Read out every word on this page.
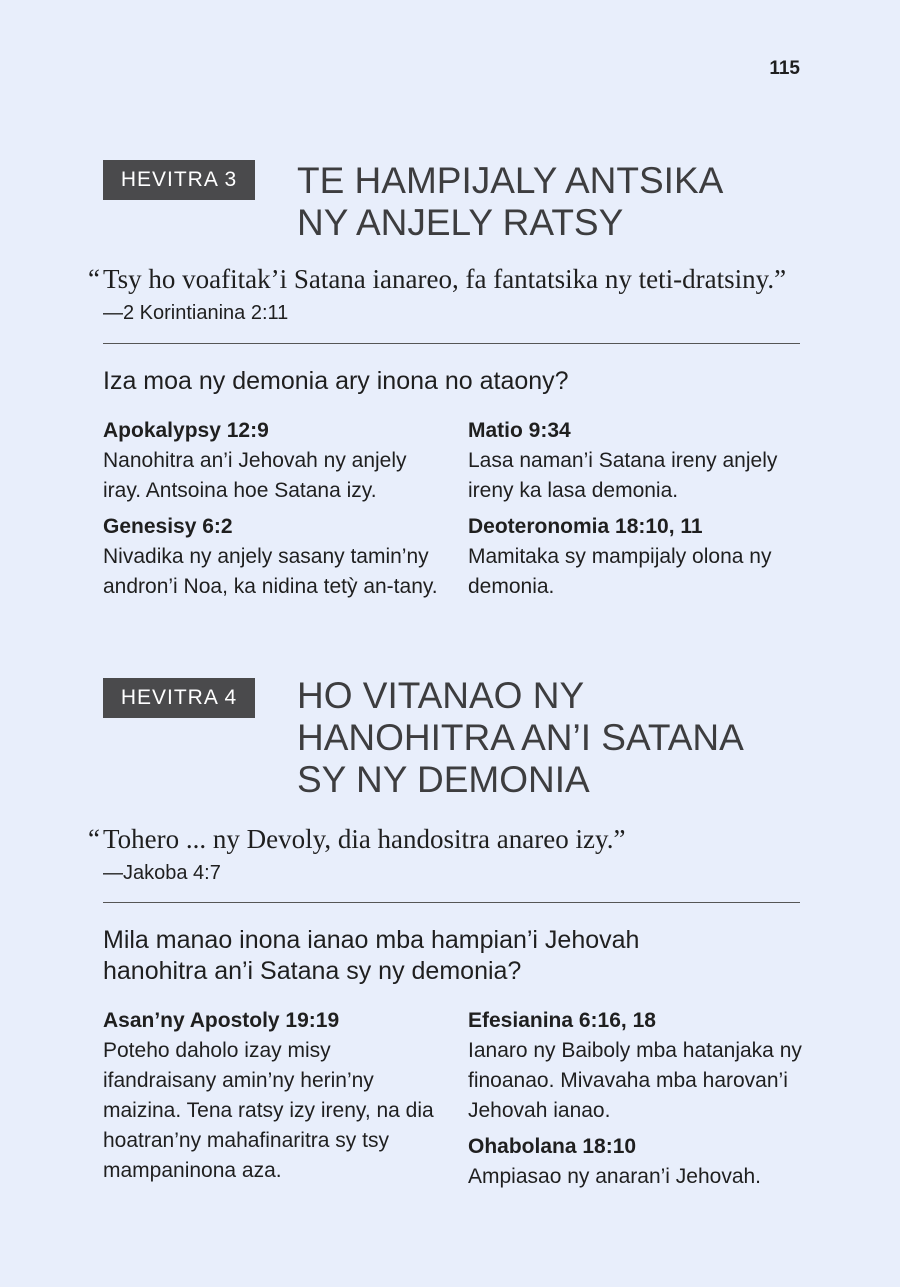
115
HEVITRA 3	TE HAMPIJALY ANTSIKA
NY ANJELY RATSY
“ Tsy ho voafitak’i Satana ianareo, fa fantatsika ny teti-dratsiny.” —2 Korintianina 2:11
Iza moa ny demonia ary inona no ataony?
Apokalypsy 12:9
Nanohitra an’i Jehovah ny anjely iray. Antsoina hoe Satana izy.
Genesisy 6:2
Nivadika ny anjely sasany tamin’ny andron’i Noa, ka nidina tetỳ an-tany.
Matio 9:34
Lasa naman’i Satana ireny anjely ireny ka lasa demonia.
Deoteronomia 18:10, 11
Mamitaka sy mampijaly olona ny demonia.
HEVITRA 4	HO VITANAO NY
HANOHITRA AN’I SATANA
SY NY DEMONIA
“ Tohero ... ny Devoly, dia handositra anareo izy.”
—Jakoba 4:7
Mila manao inona ianao mba hampian’i Jehovah hanohitra an’i Satana sy ny demonia?
Asan’ny Apostoly 19:19
Poteho daholo izay misy ifandraisany amin’ny herin’ny maizina. Tena ratsy izy ireny, na dia hoatran’ny mahafinaritra sy tsy mampaninona aza.
Efesianina 6:16, 18
Ianaro ny Baiboly mba hatanjaka ny finoanao. Mivavaha mba harovan’i Jehovah ianao.
Ohabolana 18:10
Ampiasao ny anaran’i Jehovah.
